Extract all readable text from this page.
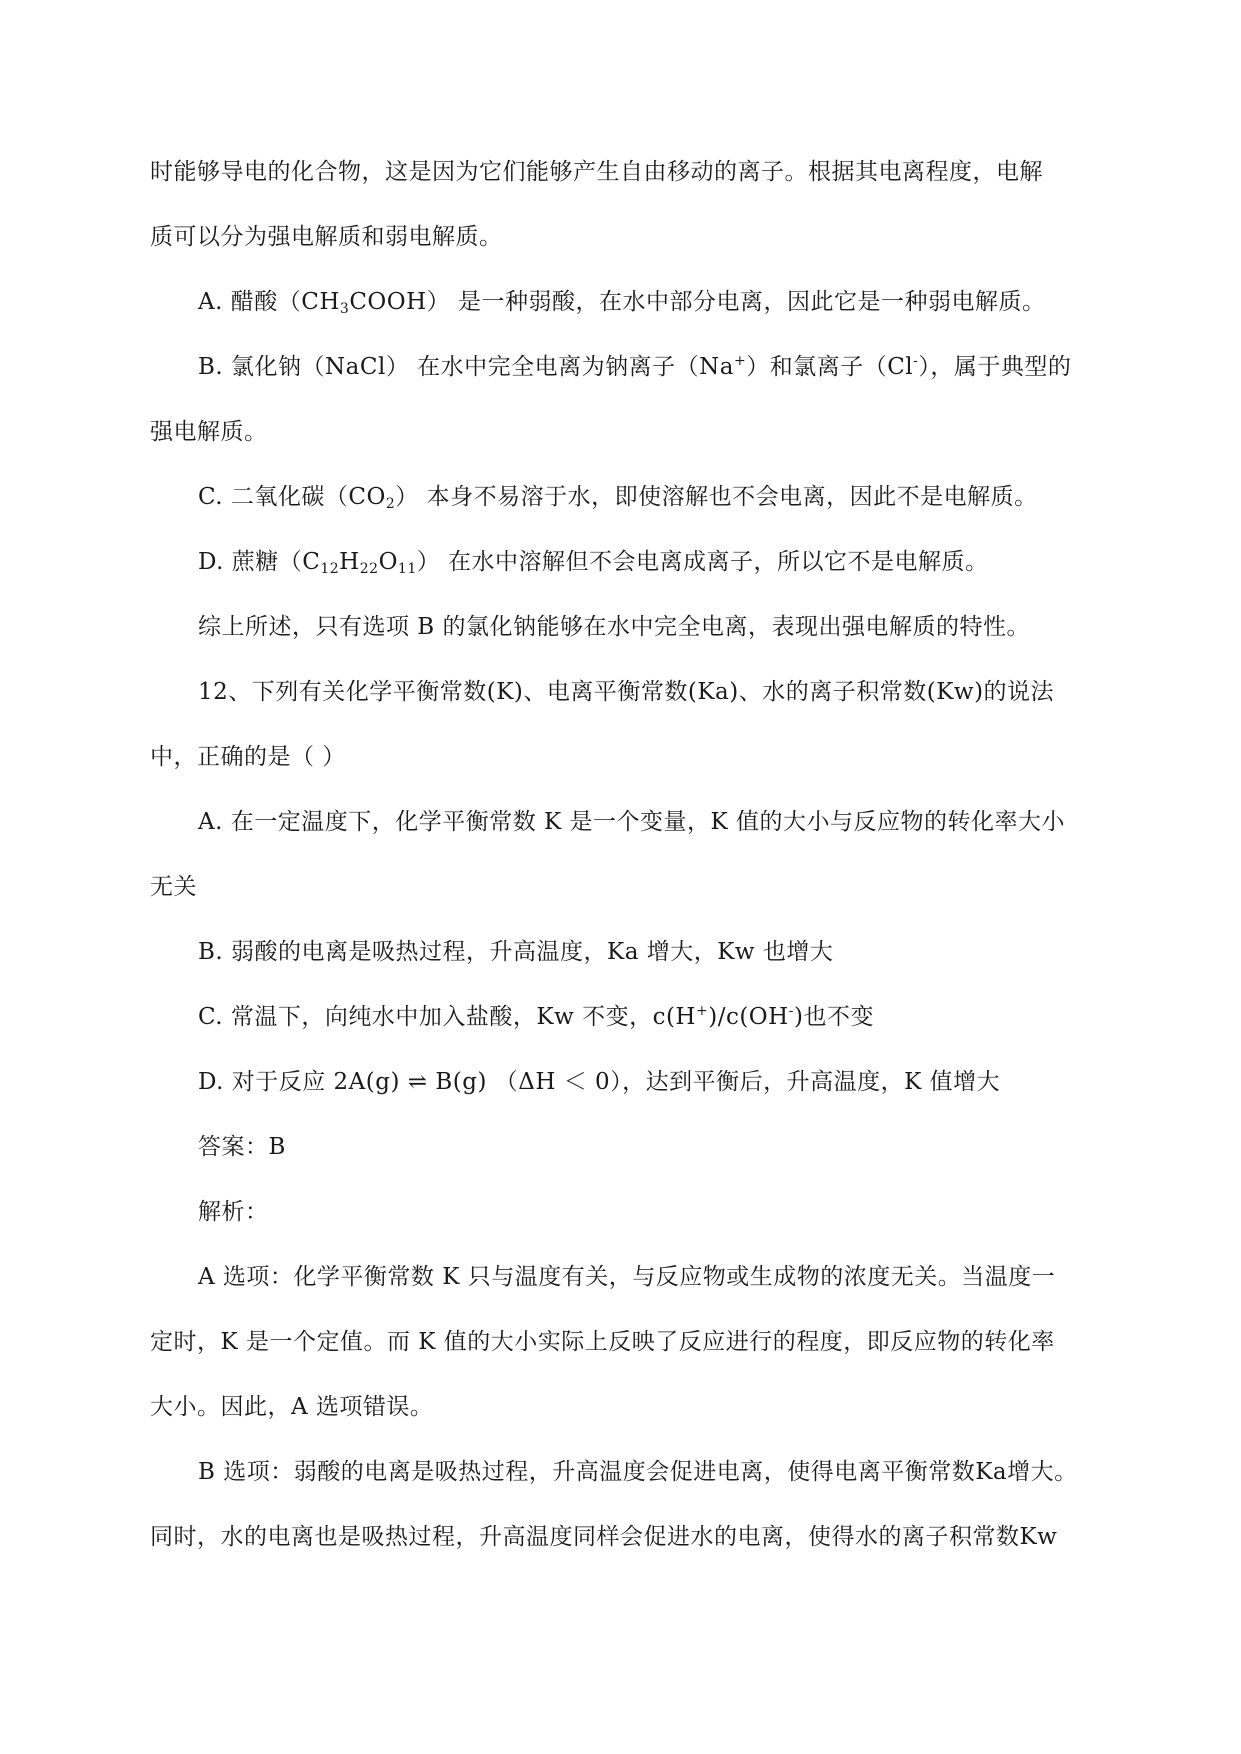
时能够导电的化合物，这是因为它们能够产生自由移动的离子。根据其电离程度，电解
质可以分为强电解质和弱电解质。
A. 醋酸$(CH_3COOH)$ 是一种弱酸，在水中部分电离，因此它是一种弱电解质。
B. 氯化钠（NaCl） 在水中完全电离为钠离子（Na+）和氯离子（Cl-），属于典型的
强电解质。
C. 二氧化碳$(CO_2)$ 本身不易溶于水，即使溶解也不会电离，因此不是电解质。
D. 蔗糖$(C_{12}H_{22}O_{11})$ 在水中溶解但不会电离成离子，所以它不是电解质。
综上所述，只有选项 B 的氯化钠能够在水中完全电离，表现出强电解质的特性。
12、下列有关化学平衡常数(K)、电离平衡常数(Ka)、水的离子积常数(Kw)的说法
中，正确的是（ ）
A. 在一定温度下，化学平衡常数 K 是一个变量，K 值的大小与反应物的转化率大小
无关
B. 弱酸的电离是吸热过程，升高温度，Ka 增大，Kw 也增大
C. 常温下，向纯水中加入盐酸，Kw 不变，c(H+)/c(OH-)也不变
D. 对于反应 2A(g) ⇌ B(g) （ΔH ＜ 0），达到平衡后，升高温度，K 值增大
答案：B
解析：
A 选项：化学平衡常数 K 只与温度有关，与反应物或生成物的浓度无关。当温度一
定时，K 是一个定值。而 K 值的大小实际上反映了反应进行的程度，即反应物的转化率
大小。因此，A 选项错误。
B 选项：弱酸的电离是吸热过程，升高温度会促进电离，使得电离平衡常数Ka增大。
同时，水的电离也是吸热过程，升高温度同样会促进水的电离，使得水的离子积常数Kw
